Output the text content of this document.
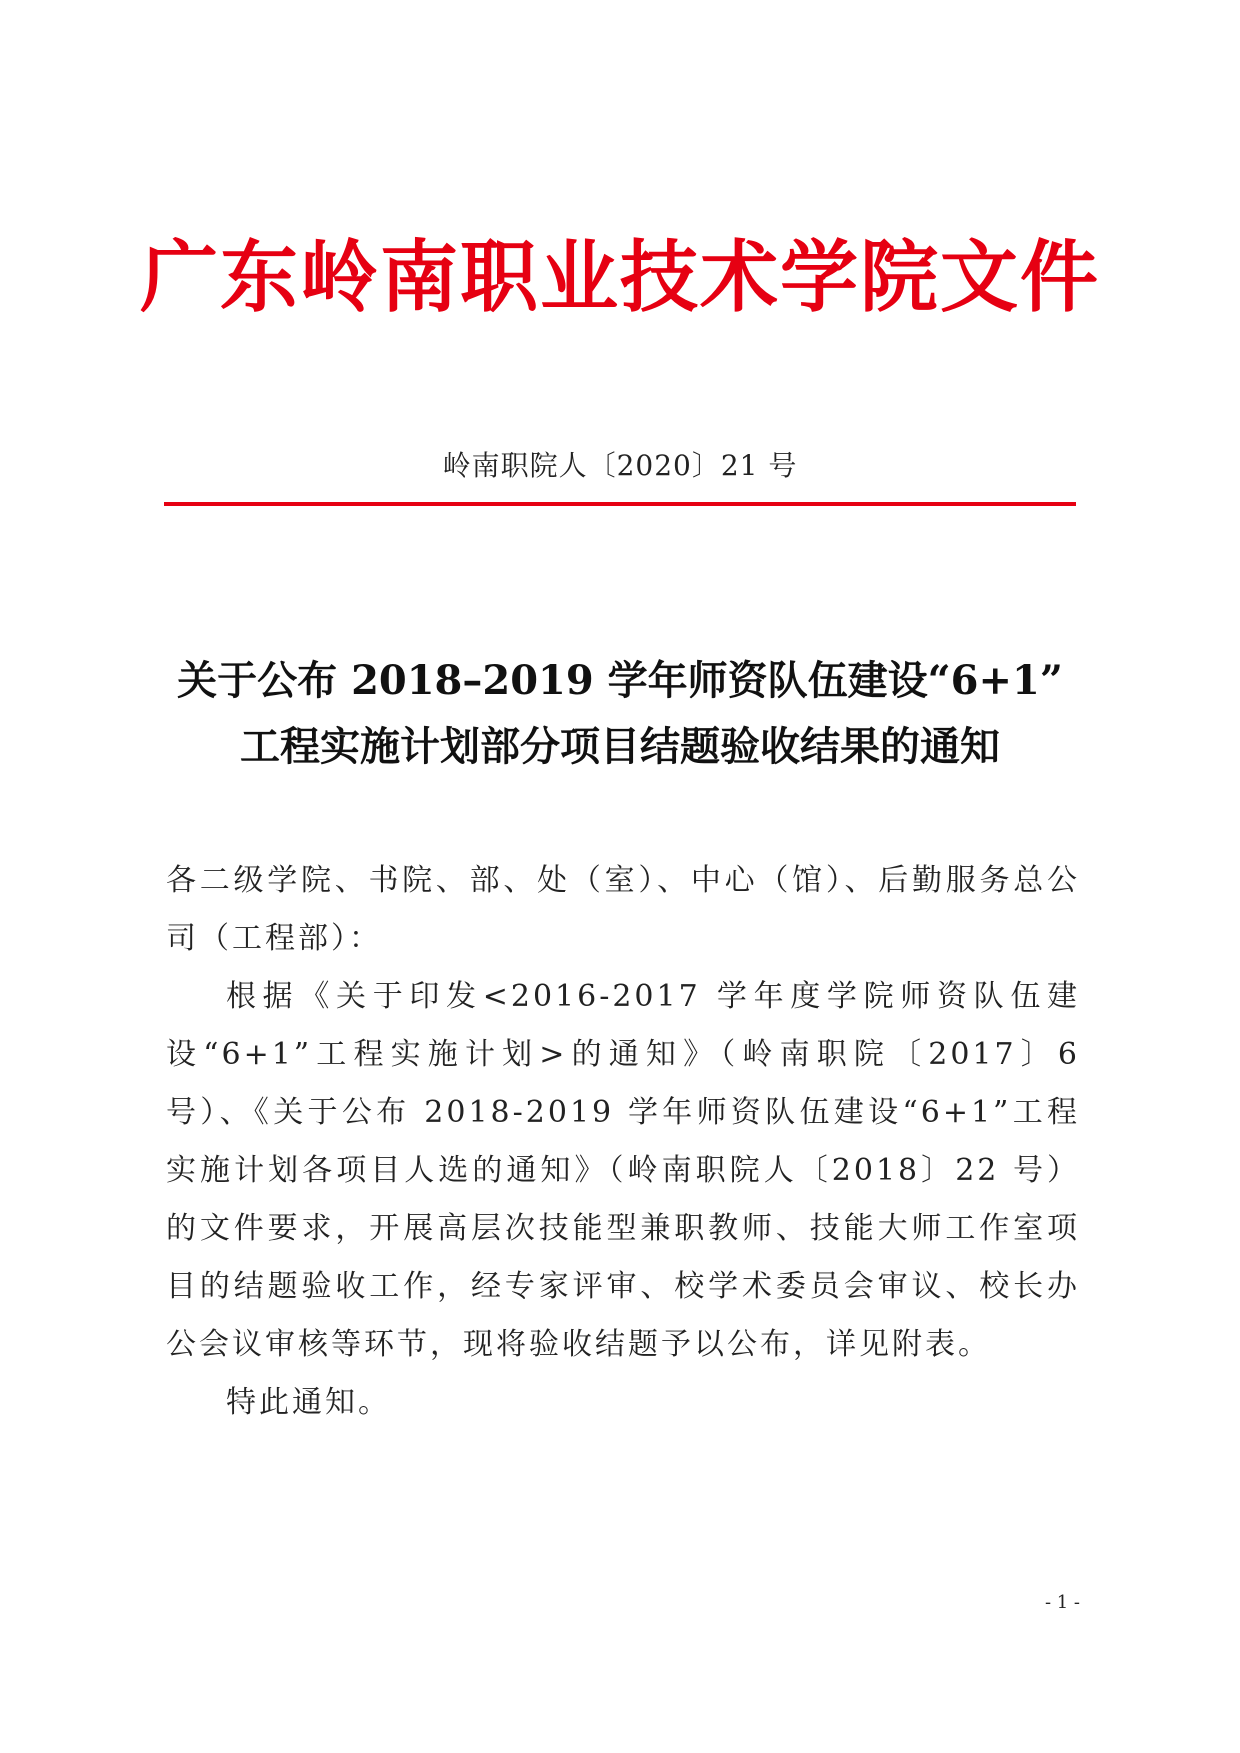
广东岭南职业技术学院文件
岭南职院人〔2020〕21 号
关于公布 2018–2019 学年师资队伍建设“6+1”
工程实施计划部分项目结题验收结果的通知

各二级学院、书院、部、处（室）、中心（馆）、后勤服务总公司（工程部）：

根据《关于印发<2016-2017 学年度学院师资队伍建设“6+1”工程实施计划>的通知》（岭南职院〔2017〕6 号）、《关于公布 2018-2019 学年师资队伍建设“6+1”工程实施计划各项目人选的通知》（岭南职院人〔2018〕22 号）的文件要求，开展高层次技能型兼职教师、技能大师工作室项目的结题验收工作，经专家评审、校学术委员会审议、校长办公会议审核等环节，现将验收结题予以公布，详见附表。

特此通知。

- 1 -
